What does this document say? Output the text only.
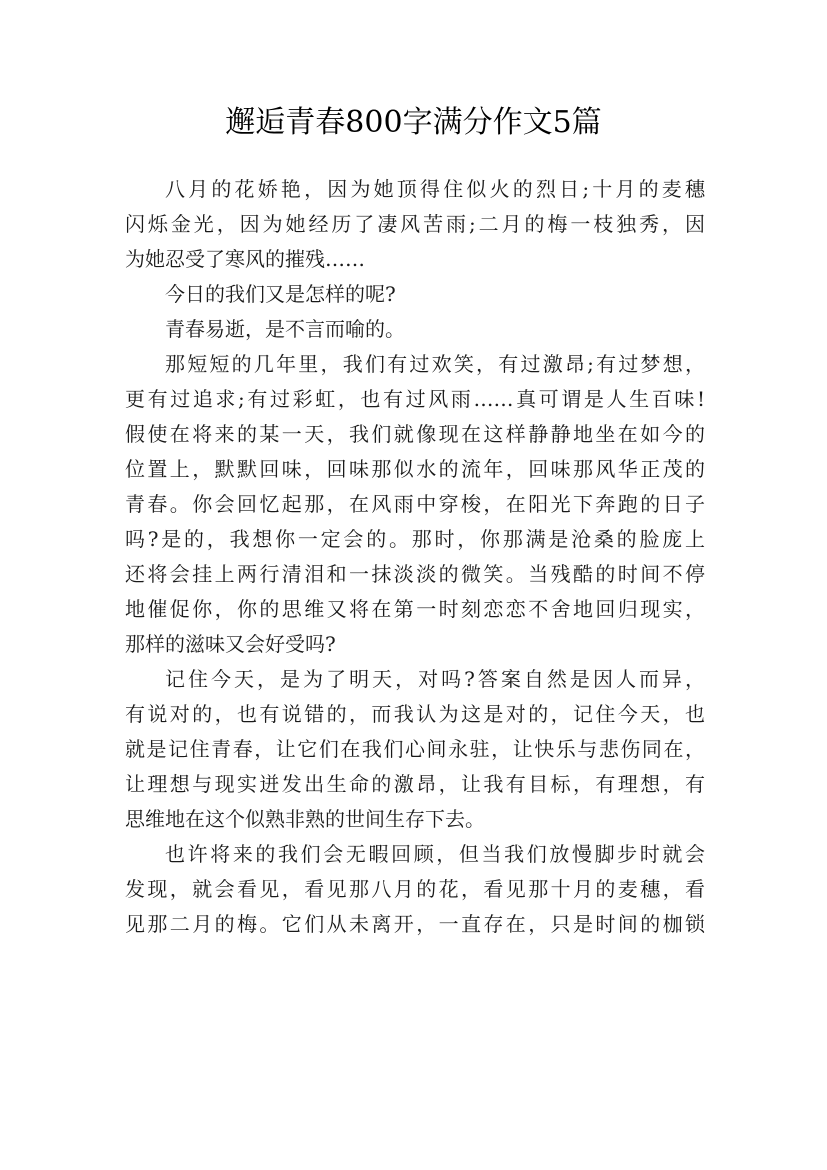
邂逅青春800字满分作文5篇
八月的花娇艳，因为她顶得住似火的烈日;十月的麦穗
闪烁金光，因为她经历了凄风苦雨;二月的梅一枝独秀，因
为她忍受了寒风的摧残……
今日的我们又是怎样的呢?
青春易逝，是不言而喻的。
那短短的几年里，我们有过欢笑，有过激昂;有过梦想，
更有过追求;有过彩虹，也有过风雨……真可谓是人生百味!
假使在将来的某一天，我们就像现在这样静静地坐在如今的
位置上，默默回味，回味那似水的流年，回味那风华正茂的
青春。你会回忆起那，在风雨中穿梭，在阳光下奔跑的日子
吗?是的，我想你一定会的。那时，你那满是沧桑的脸庞上
还将会挂上两行清泪和一抹淡淡的微笑。当残酷的时间不停
地催促你，你的思维又将在第一时刻恋恋不舍地回归现实，
那样的滋味又会好受吗?
记住今天，是为了明天，对吗?答案自然是因人而异，
有说对的，也有说错的，而我认为这是对的，记住今天，也
就是记住青春，让它们在我们心间永驻，让快乐与悲伤同在，
让理想与现实迸发出生命的激昂，让我有目标，有理想，有
思维地在这个似熟非熟的世间生存下去。
也许将来的我们会无暇回顾，但当我们放慢脚步时就会
发现，就会看见，看见那八月的花，看见那十月的麦穗，看
见那二月的梅。它们从未离开，一直存在，只是时间的枷锁
